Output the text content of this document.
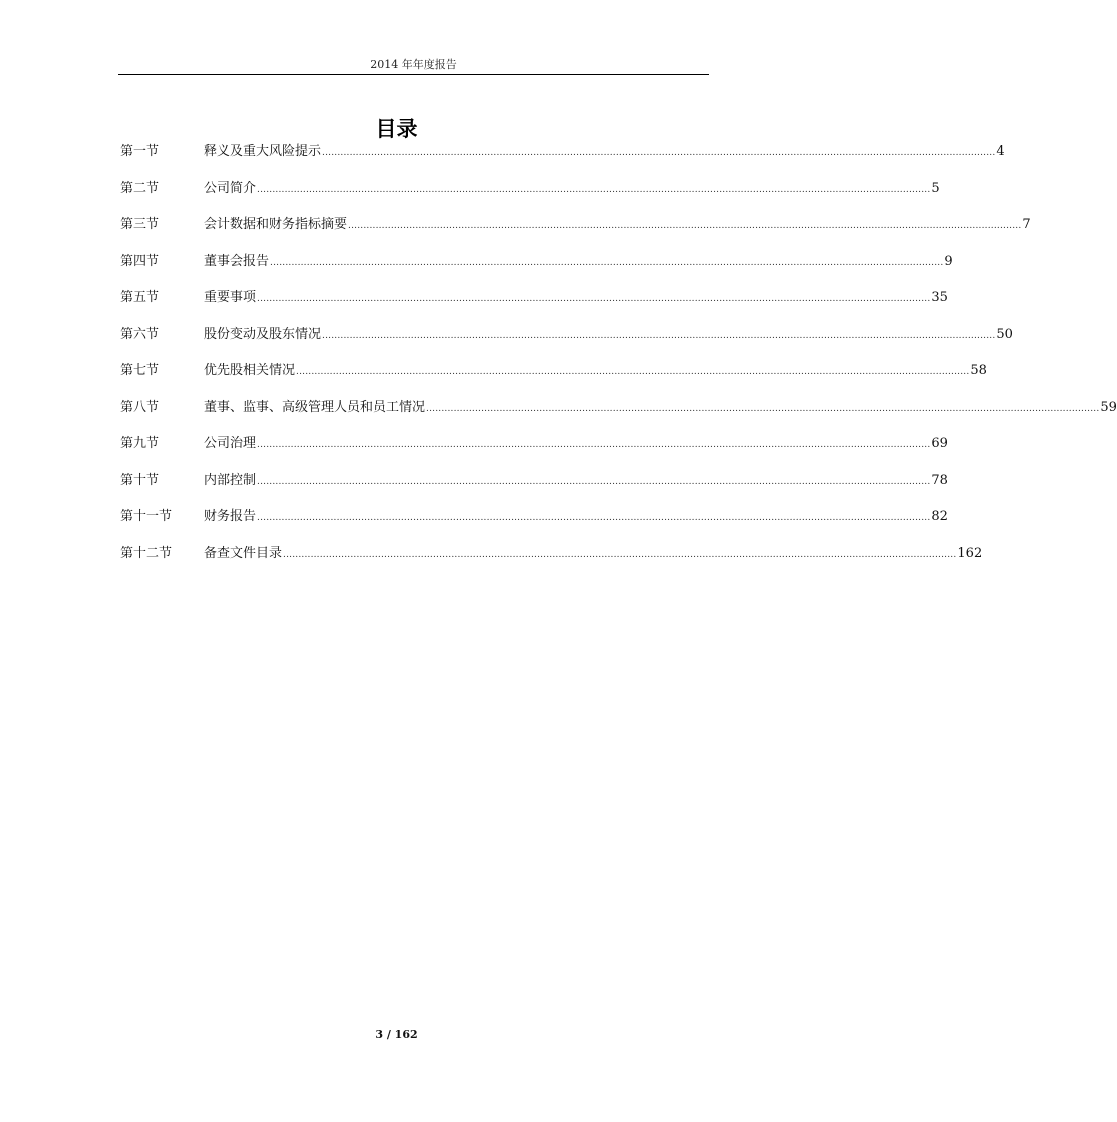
2014 年年度报告
目录
第一节	释义及重大风险提示 ............................................................................................................................................................................................................................ 4
第二节	公司简介 ............................................................................................................................................................................................................................ 5
第三节	会计数据和财务指标摘要 ............................................................................................................................................................................................................................ 7
第四节	董事会报告 ............................................................................................................................................................................................................................ 9
第五节	重要事项 ............................................................................................................................................................................................................................ 35
第六节	股份变动及股东情况 ............................................................................................................................................................................................................................ 50
第七节	优先股相关情况 ............................................................................................................................................................................................................................ 58
第八节	董事、监事、高级管理人员和员工情况 ............................................................................................................................................................................................................................ 59
第九节	公司治理 ............................................................................................................................................................................................................................ 69
第十节	内部控制 ............................................................................................................................................................................................................................ 78
第十一节	财务报告 ............................................................................................................................................................................................................................ 82
第十二节	备查文件目录 ............................................................................................................................................................................................................................ 162
3 / 162
